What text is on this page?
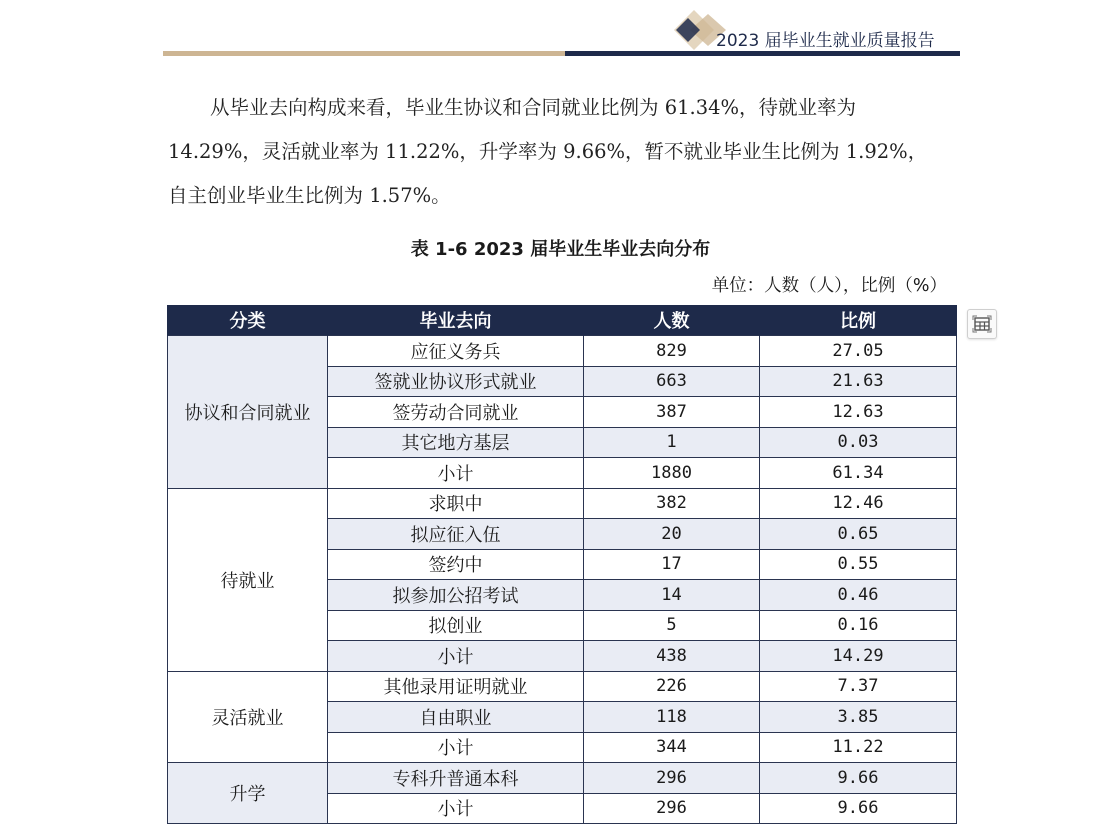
2023 届毕业生就业质量报告
从毕业去向构成来看，毕业生协议和合同就业比例为 61.34%，待就业率为
14.29%，灵活就业率为 11.22%，升学率为 9.66%，暂不就业毕业生比例为 1.92%，
自主创业毕业生比例为 1.57%。
表 1-6 2023 届毕业生毕业去向分布
单位：人数（人），比例（%）
分类	毕业去向	人数	比例
协议和合同就业	应征义务兵	829	27.05
	签就业协议形式就业	663	21.63
	签劳动合同就业	387	12.63
	其它地方基层	1	0.03
	小计	1880	61.34
待就业	求职中	382	12.46
	拟应征入伍	20	0.65
	签约中	17	0.55
	拟参加公招考试	14	0.46
	拟创业	5	0.16
	小计	438	14.29
灵活就业	其他录用证明就业	226	7.37
	自由职业	118	3.85
	小计	344	11.22
升学	专科升普通本科	296	9.66
	小计	296	9.66
